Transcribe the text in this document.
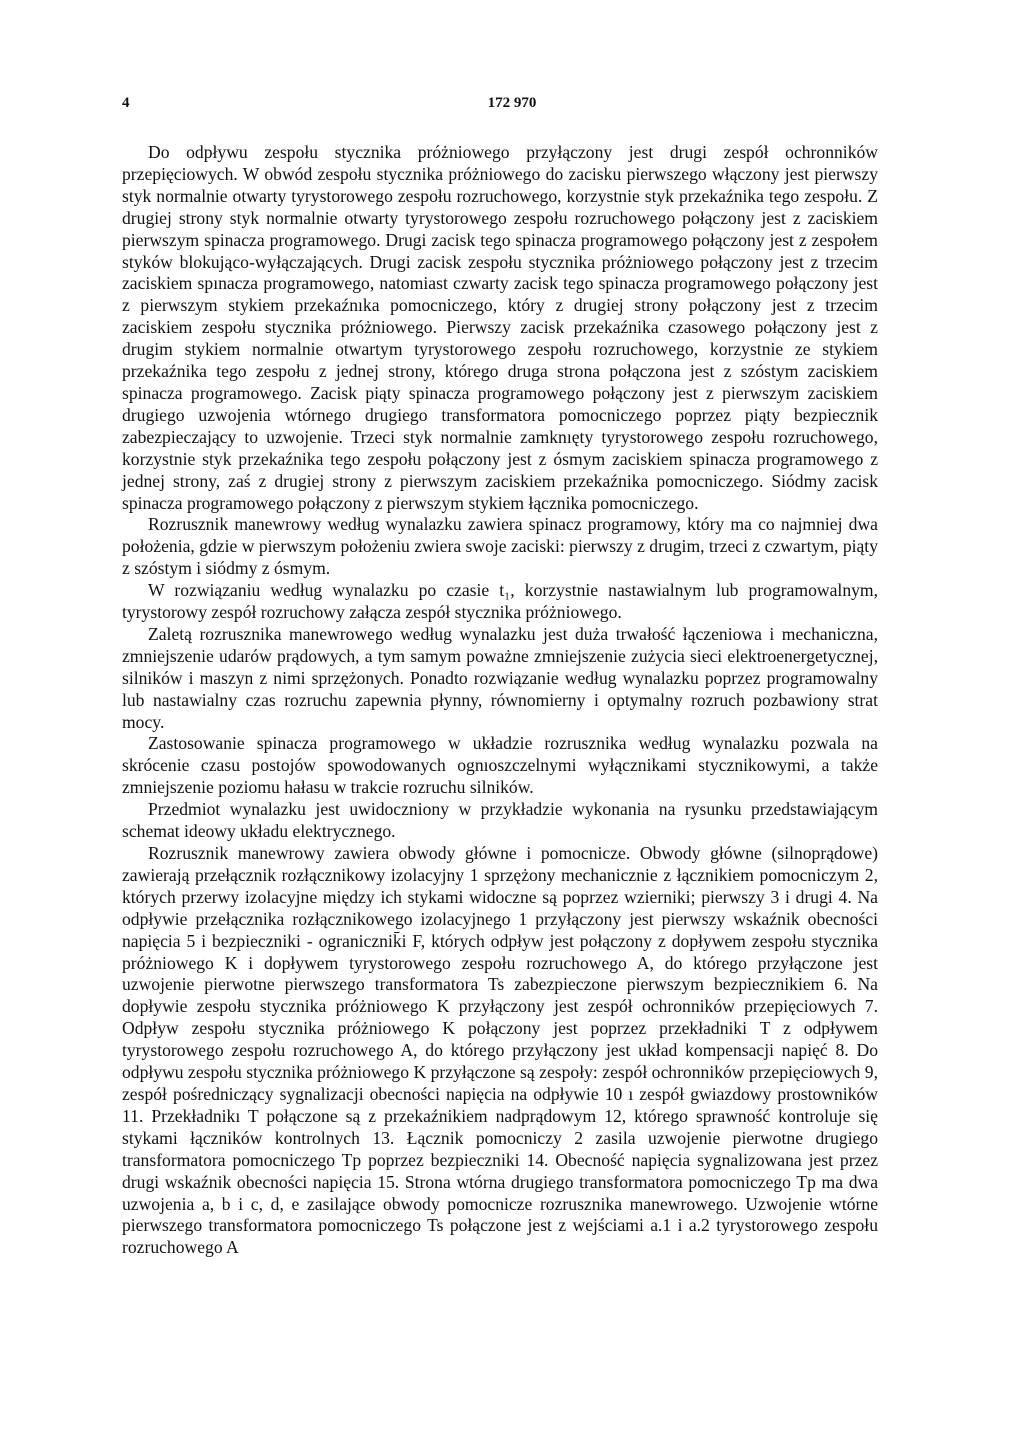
4	172 970

Do odpływu zespołu stycznika próżniowego przyłączony jest drugi zespół ochronników przepięciowych. W obwód zespołu stycznika próżniowego do zacisku pierwszego włączony jest pierwszy styk normalnie otwarty tyrystorowego zespołu rozruchowego, korzystnie styk przekaźnika tego zespołu. Z drugiej strony styk normalnie otwarty tyrystorowego zespołu rozruchowego połączony jest z zaciskiem pierwszym spinacza programowego. Drugi zacisk tego spinacza programowego połączony jest z zespołem styków blokująco-wyłączających. Drugi zacisk zespołu stycznika próżniowego połączony jest z trzecim zaciskiem spınacza programowego, natomiast czwarty zacisk tego spinacza programowego połączony jest z pierwszym stykiem przekaźnıka pomocniczego, który z drugiej strony połączony jest z trzecim zaciskiem zespołu stycznika próżniowego. Pierwszy zacisk przekaźnika czasowego połączony jest z drugim stykiem normalnie otwartym tyrystorowego zespołu rozruchowego, korzystnie ze stykiem przekaźnika tego zespołu z jednej strony, którego druga strona połączona jest z szóstym zaciskiem spinacza programowego. Zacisk piąty spinacza programowego połączony jest z pierwszym zaciskiem drugiego uzwojenia wtórnego drugiego transformatora pomocniczego poprzez piąty bezpiecznik zabezpieczający to uzwojenie. Trzeci styk normalnie zamknıęty tyrystorowego zespołu rozruchowego, korzystnie styk przekaźnika tego zespołu połączony jest z ósmym zaciskiem spinacza programowego z jednej strony, zaś z drugiej strony z pierwszym zaciskiem przekaźnika pomocniczego. Siódmy zacisk spinacza programowego połączony z pierwszym stykiem łącznika pomocniczego.

Rozrusznik manewrowy według wynalazku zawiera spinacz programowy, który ma co najmniej dwa położenia, gdzie w pierwszym położeniu zwiera swoje zaciski: pierwszy z drugim, trzeci z czwartym, piąty z szóstym i siódmy z ósmym.

W rozwiązaniu według wynalazku po czasie t₁, korzystnie nastawialnym lub programowalnym, tyrystorowy zespół rozruchowy załącza zespół stycznika próżniowego.

Zaletą rozrusznika manewrowego według wynalazku jest duża trwałość łączeniowa i mechaniczna, zmniejszenie udarów prądowych, a tym samym poważne zmniejszenie zużycia sieci elektroenergetycznej, silników i maszyn z nimi sprzężonych. Ponadto rozwiązanie według wynalazku poprzez programowalny lub nastawialny czas rozruchu zapewnia płynny, równomierny i optymalny rozruch pozbawiony strat mocy.

Zastosowanie spinacza programowego w układzie rozrusznika według wynalazku pozwala na skrócenie czasu postojów spowodowanych ognıoszczelnymi wyłącznikami stycznikowymi, a także zmniejszenie poziomu hałasu w trakcie rozruchu silników.

Przedmiot wynalazku jest uwidoczniony w przykładzie wykonania na rysunku przedstawiającym schemat ideowy układu elektrycznego.

Rozrusznik manewrowy zawiera obwody główne i pomocnicze. Obwody główne (silnoprądowe) zawierają przełącznik rozłącznikowy izolacyjny 1 sprzężony mechanicznie z łącznikiem pomocniczym 2, których przerwy izolacyjne między ich stykami widoczne są poprzez wzierniki; pierwszy 3 i drugi 4. Na odpływie przełącznika rozłącznikowego izolacyjnego 1 przyłączony jest pierwszy wskaźnik obecności napięcia 5 i bezpieczniki - ogranicznik̄i F, których odpływ jest połączony z dopływem zespołu stycznika próżniowego K i dopływem tyrystorowego zespołu rozruchowego A, do którego przyłączone jest uzwojenie pierwotne pierwszego transformatora Ts zabezpieczone pierwszym bezpiecznikiem 6. Na dopływie zespołu stycznika próżniowego K przyłączony jest zespół ochronników przepięciowych 7. Odpływ zespołu stycznika próżniowego K połączony jest poprzez przekładniki T z odpływem tyrystorowego zespołu rozruchowego A, do którego przyłączony jest układ kompensacji napięć 8. Do odpływu zespołu stycznika próżniowego K przyłączone są zespoły: zespół ochronników przepięciowych 9, zespół pośredniczący sygnalizacji obecności napięcia na odpływie 10 ı zespół gwiazdowy prostowników 11. Przekładnikı T połączone są z przekaźnikiem nadprądowym 12, którego sprawność kontroluje się stykami łączników kontrolnych 13. Łącznik pomocniczy 2 zasila uzwojenie pierwotne drugiego transformatora pomocniczego Tp poprzez bezpieczniki 14. Obecność napięcia sygnalizowana jest przez drugi wskaźnik obecności napięcia 15. Strona wtórna drugiego transformatora pomocniczego Tp ma dwa uzwojenia a, b i c, d, e zasilające obwody pomocnicze rozrusznika manewrowego. Uzwojenie wtórne pierwszego transformatora pomocniczego Ts połączone jest z wejściami a.1 i a.2 tyrystorowego zespołu rozruchowego A
